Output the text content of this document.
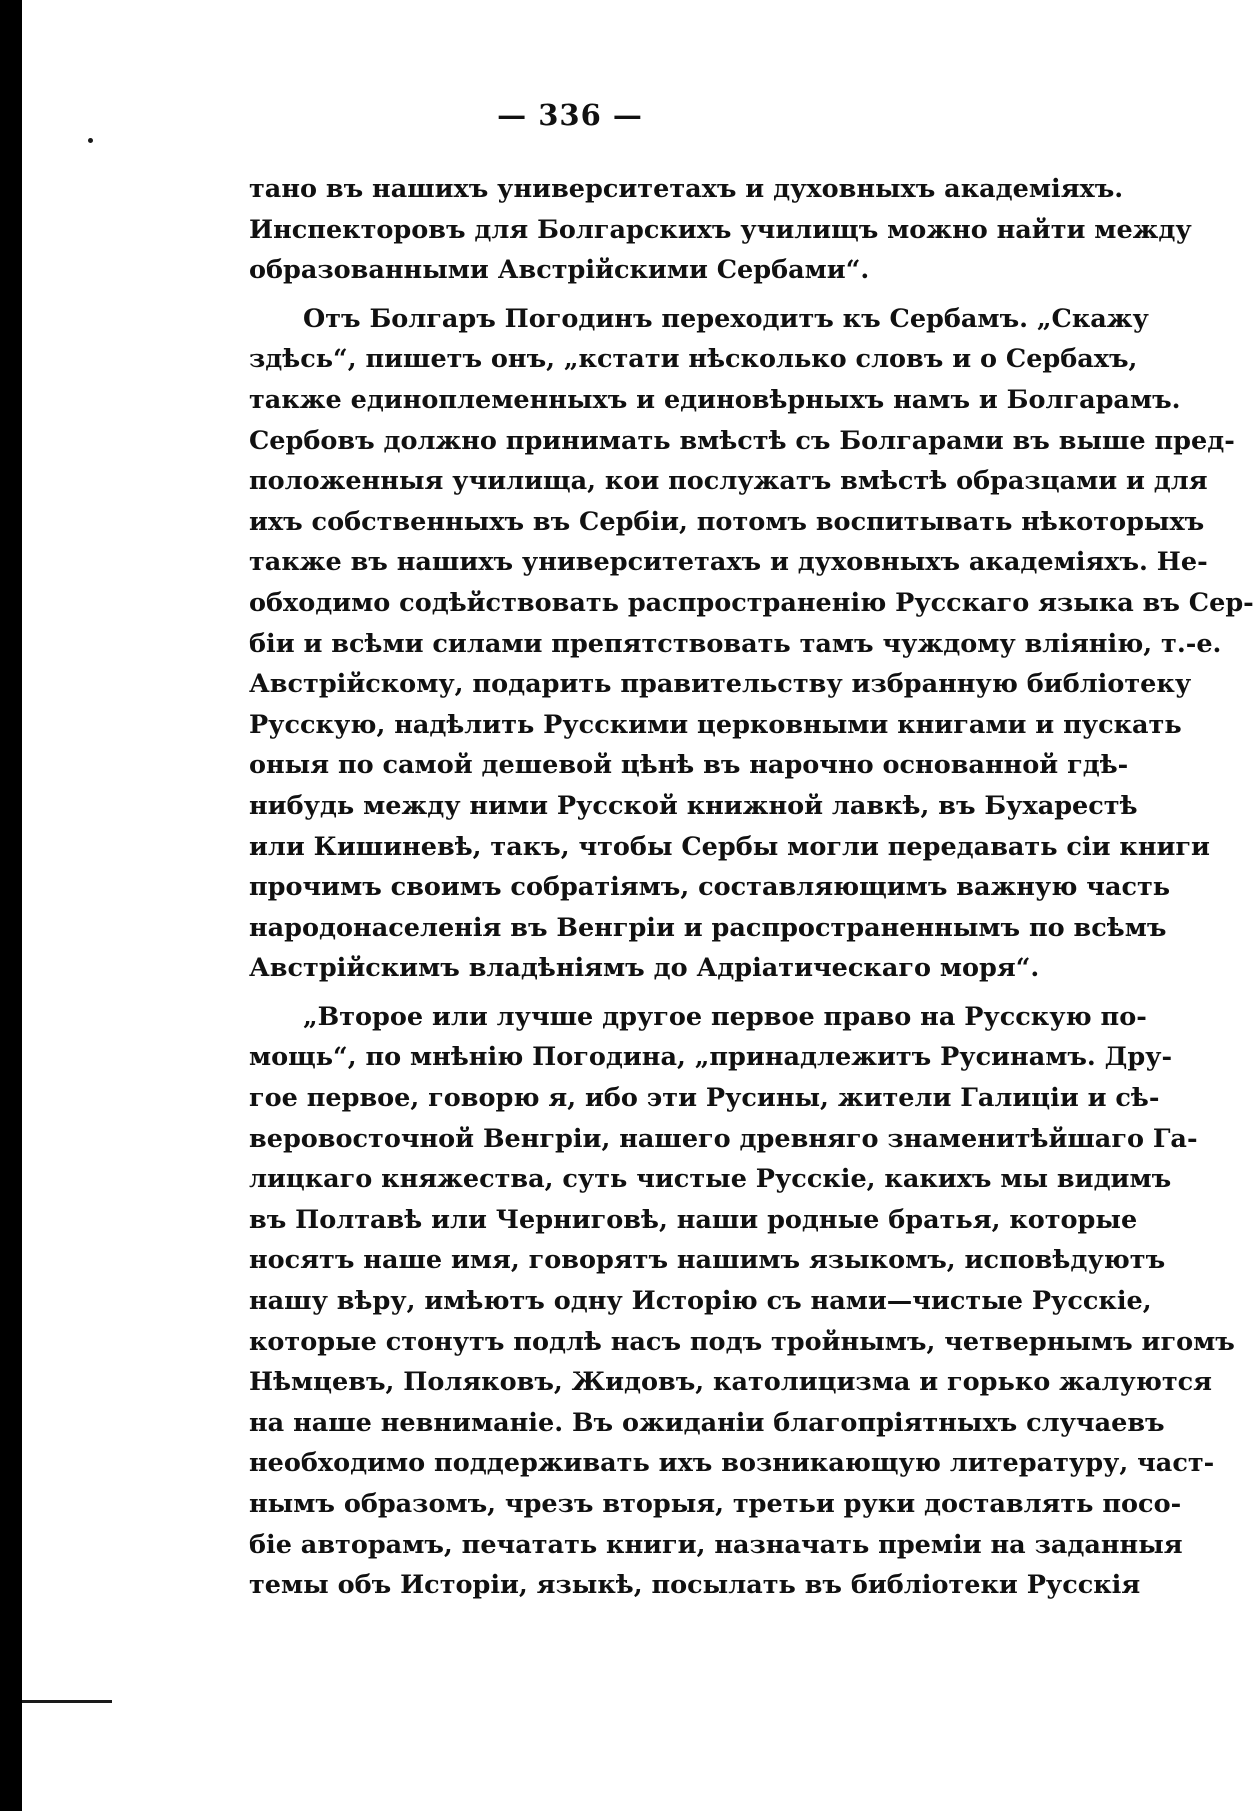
— 336 —
тано въ нашихъ университетахъ и духовныхъ академіяхъ.
Инспекторовъ для Болгарскихъ училищъ можно найти между
образованными Австрійскими Сербами“.
Отъ Болгаръ Погодинъ переходитъ къ Сербамъ. „Скажу
здѣсь“, пишетъ онъ, „кстати нѣсколько словъ и о Сербахъ,
также единоплеменныхъ и единовѣрныхъ намъ и Болгарамъ.
Сербовъ должно принимать вмѣстѣ съ Болгарами въ выше пред-
положенныя училища, кои послужатъ вмѣстѣ образцами и для
ихъ собственныхъ въ Сербіи, потомъ воспитывать нѣкоторыхъ
также въ нашихъ университетахъ и духовныхъ академіяхъ. Не-
обходимо содѣйствовать распространенію Русскаго языка въ Сер-
біи и всѣми силами препятствовать тамъ чуждому вліянію, т.-е.
Австрійскому, подарить правительству избранную библіотеку
Русскую, надѣлить Русскими церковными книгами и пускать
оныя по самой дешевой цѣнѣ въ нарочно основанной гдѣ-
нибудь между ними Русской книжной лавкѣ, въ Бухарестѣ
или Кишиневѣ, такъ, чтобы Сербы могли передавать сіи книги
прочимъ своимъ собратіямъ, составляющимъ важную часть
народонаселенія въ Венгріи и распространеннымъ по всѣмъ
Австрійскимъ владѣніямъ до Адріатическаго моря“.
„Второе или лучше другое первое право на Русскую по-
мощь“, по мнѣнію Погодина, „принадлежитъ Русинамъ. Дру-
гое первое, говорю я, ибо эти Русины, жители Галиціи и сѣ-
веровосточной Венгріи, нашего древняго знаменитѣйшаго Га-
лицкаго княжества, суть чистые Русскіе, какихъ мы видимъ
въ Полтавѣ или Черниговѣ, наши родные братья, которые
носятъ наше имя, говорятъ нашимъ языкомъ, исповѣдуютъ
нашу вѣру, имѣютъ одну Исторію съ нами—чистые Русскіе,
которые стонутъ подлѣ насъ подъ тройнымъ, четвернымъ игомъ
Нѣмцевъ, Поляковъ, Жидовъ, католицизма и горько жалуются
на наше невниманіе. Въ ожиданіи благопріятныхъ случаевъ
необходимо поддерживать ихъ возникающую литературу, част-
нымъ образомъ, чрезъ вторыя, третьи руки доставлять посо-
біе авторамъ, печатать книги, назначать преміи на заданныя
темы объ Исторіи, языкѣ, посылать въ библіотеки Русскія
